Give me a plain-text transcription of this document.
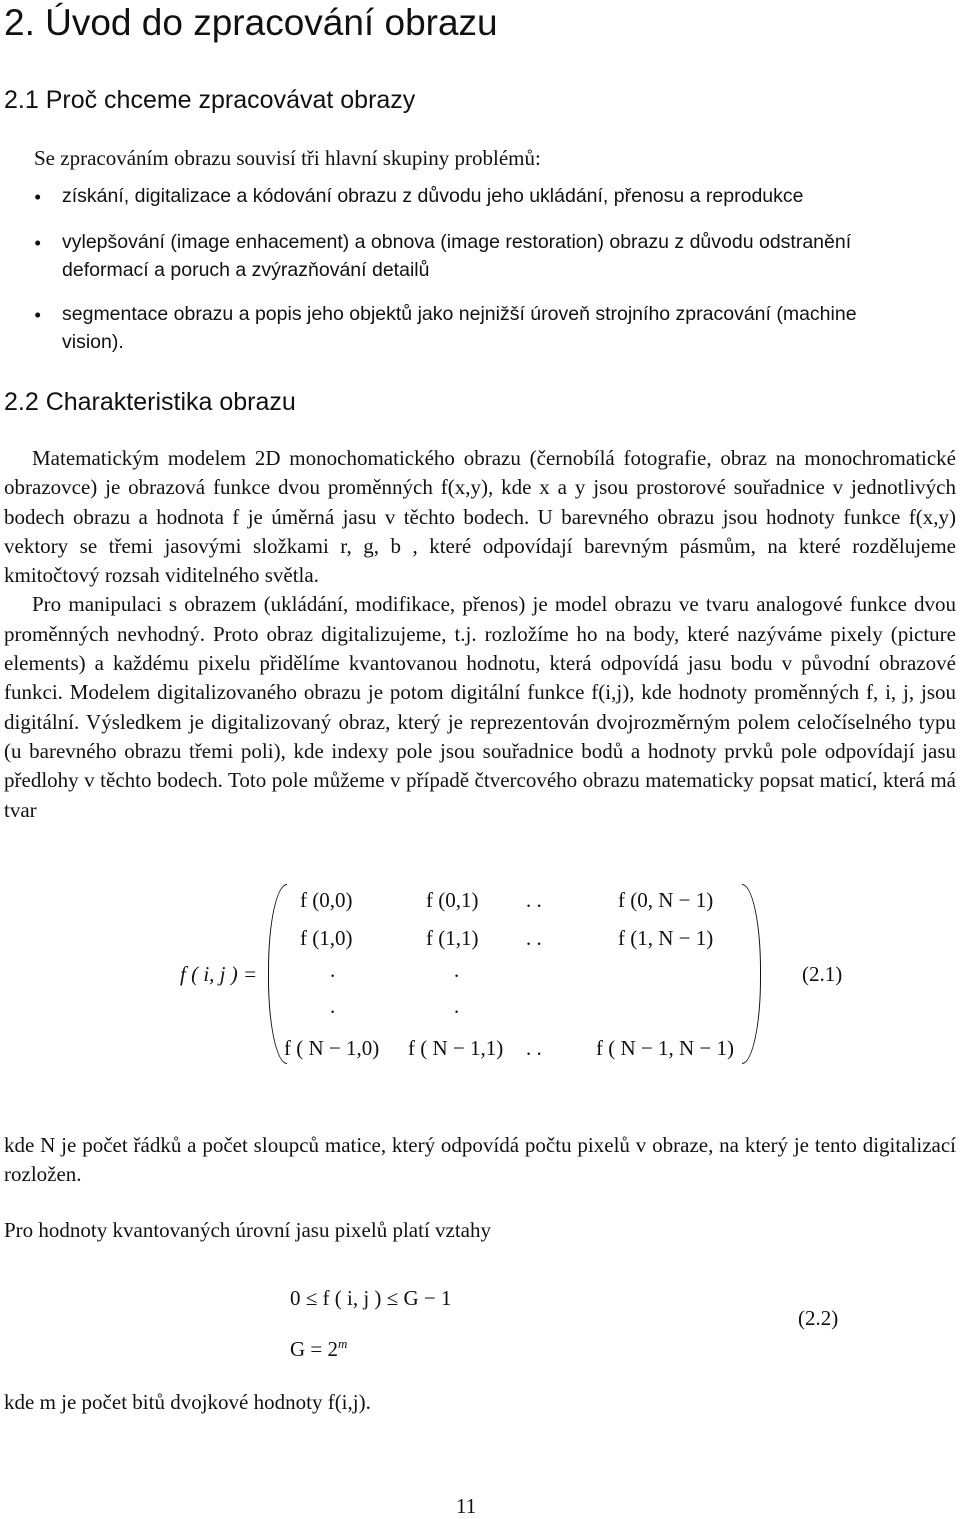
2. Úvod do zpracování obrazu
2.1 Proč chceme zpracovávat obrazy
Se zpracováním obrazu souvisí tři hlavní skupiny problémů:
• získání, digitalizace a kódování obrazu z důvodu jeho ukládání, přenosu a reprodukce
• vylepšování (image enhacement) a obnova (image restoration) obrazu z důvodu odstranění
deformací a poruch a zvýrazňování detailů
• segmentace obrazu a popis jeho objektů jako nejnižší úroveň strojního zpracování (machine
vision).
2.2 Charakteristika obrazu

Matematickým modelem 2D monochomatického obrazu (černobílá fotografie, obraz na monochromatické obrazovce) je obrazová funkce dvou proměnných f(x,y), kde x a y jsou prostorové souřadnice v jednotlivých bodech obrazu a hodnota f je úměrná jasu v těchto bodech. U barevného obrazu jsou hodnoty funkce f(x,y) vektory se třemi jasovými složkami r, g, b , které odpovídají barevným pásmům, na které rozdělujeme kmitočtový rozsah viditelného světla.

Pro manipulaci s obrazem (ukládání, modifikace, přenos) je model obrazu ve tvaru analogové funkce dvou proměnných nevhodný. Proto obraz digitalizujeme, t.j. rozložíme ho na body, které nazýváme pixely (picture elements) a každému pixelu přidělíme kvantovanou hodnotu, která odpovídá jasu bodu v původní obrazové funkci. Modelem digitalizovaného obrazu je potom digitální funkce f(i,j), kde hodnoty proměnných f, i, j, jsou digitální. Výsledkem je digitalizovaný obraz, který je reprezentován dvojrozměrným polem celočíselného typu (u barevného obrazu třemi poli), kde indexy pole jsou souřadnice bodů a hodnoty prvků pole odpovídají jasu předlohy v těchto bodech. Toto pole můžeme v případě čtvercového obrazu matematicky popsat maticí, která má tvar

f ( i, j ) =
f (0,0)	f (0,1) . .	f (0, N − 1)
f (1,0)	f (1,1) . .	f (1, N − 1)
.	.
.	.
f ( N − 1,0) f ( N − 1,1) . .	f ( N − 1, N − 1)
(2.1)

kde N je počet řádků a počet sloupců matice, který odpovídá počtu pixelů v obraze, na který je tento digitalizací rozložen.

Pro hodnoty kvantovaných úrovní jasu pixelů platí vztahy
0 ≤ f ( i, j ) ≤ G − 1
$G = 2^m$
(2.2)
kde m je počet bitů dvojkové hodnoty f(i,j).
11
